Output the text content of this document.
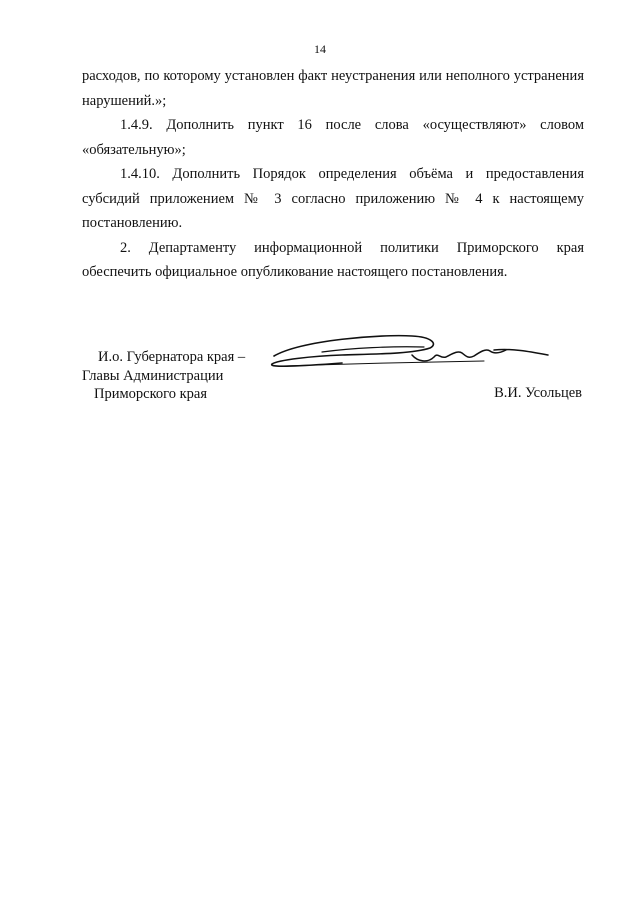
14

расходов, по которому установлен факт неустранения или неполного устранения нарушений.»;

1.4.9. Дополнить пункт 16 после слова «осуществляют» словом «обязательную»;

1.4.10. Дополнить Порядок определения объёма и предоставления субсидий приложением № 3 согласно приложению № 4 к настоящему постановлению.

2. Департаменту информационной политики Приморского края обеспечить официальное опубликование настоящего постановления.

И.о. Губернатора края –
Главы Администрации
Приморского края	В.И. Усольцев
